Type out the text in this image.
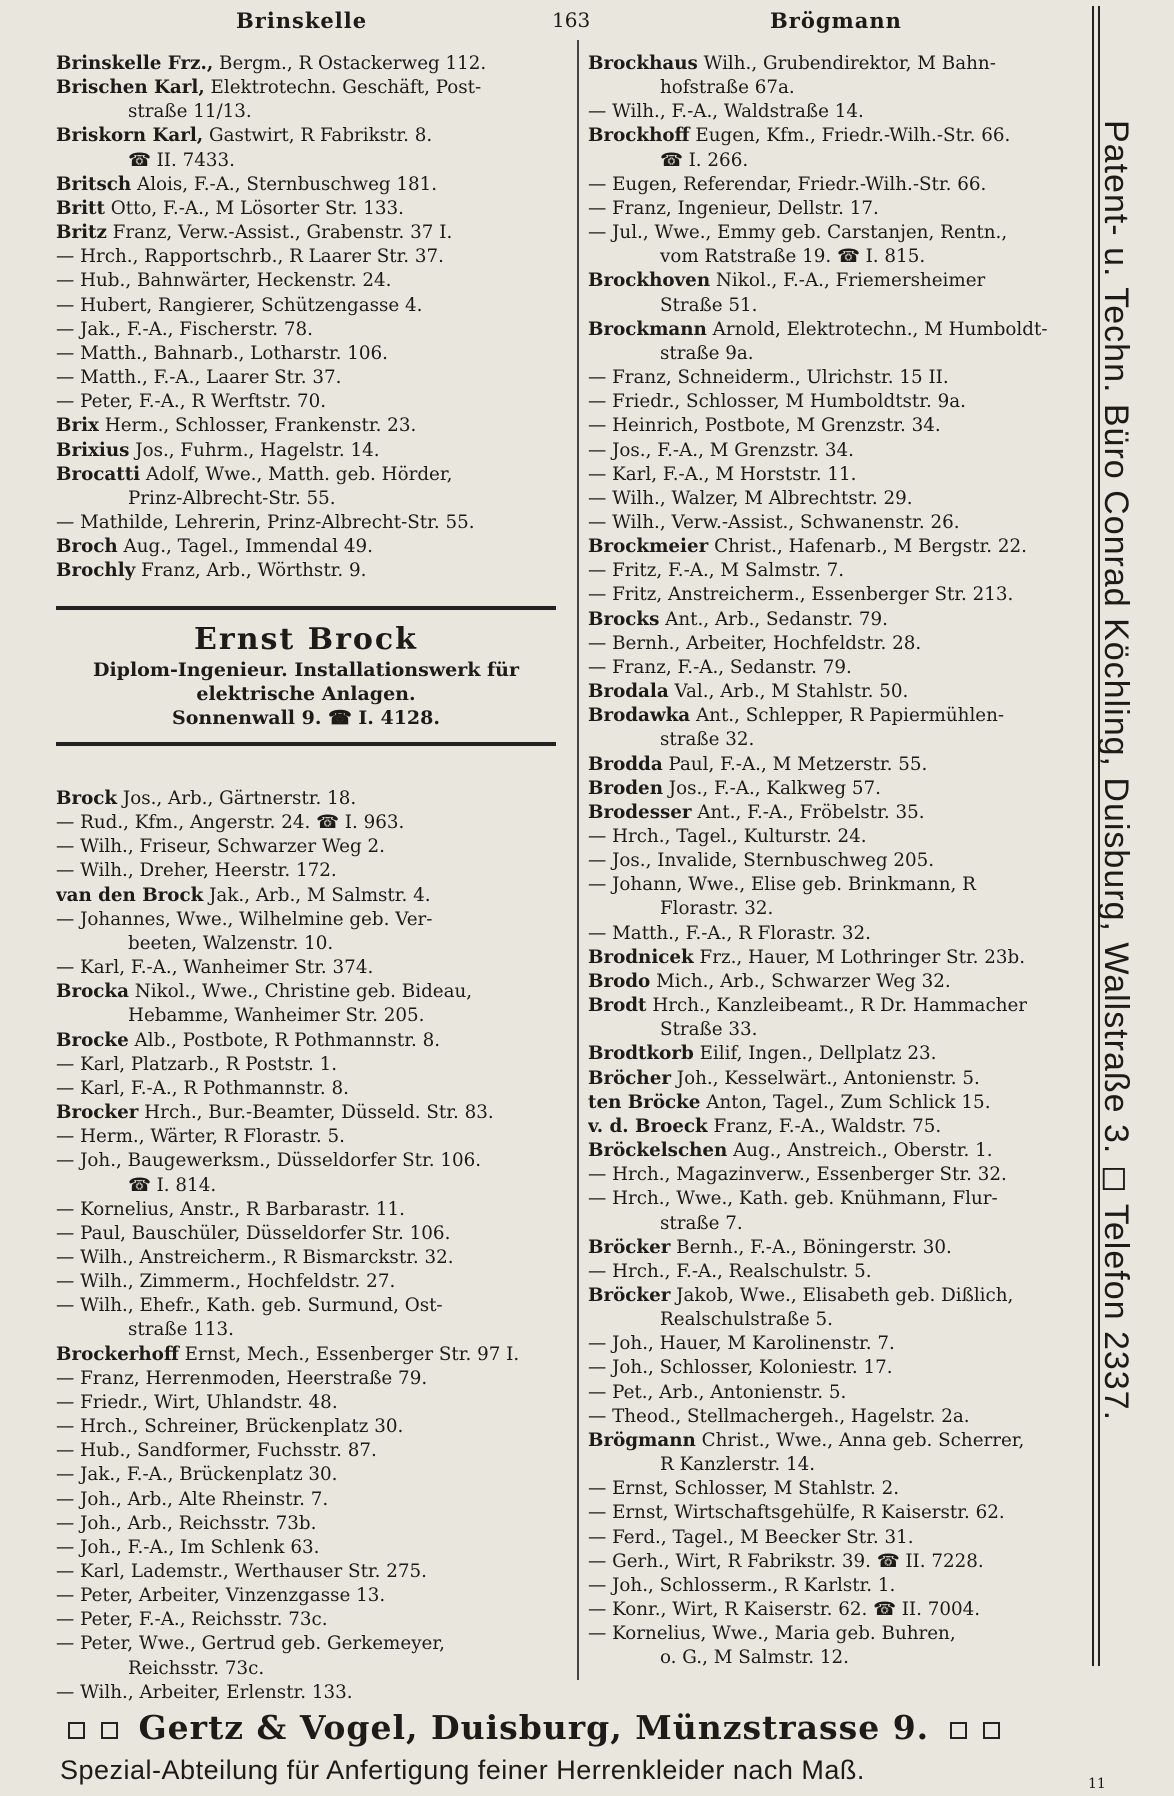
Brinskelle	163	Brögmann
Brinskelle Frz., Bergm., R Ostackerweg 112.
Brischen Karl, Elektrotechn. Geschäft, Post-
straße 11/13.
Briskorn Karl, Gastwirt, R Fabrikstr. 8.
☎ II. 7433.
Britsch Alois, F.-A., Sternbuschweg 181.
Britt Otto, F.-A., M Lösorter Str. 133.
Britz Franz, Verw.-Assist., Grabenstr. 37 I.
— Hrch., Rapportschrb., R Laarer Str. 37.
— Hub., Bahnwärter, Heckenstr. 24.
— Hubert, Rangierer, Schützengasse 4.
— Jak., F.-A., Fischerstr. 78.
— Matth., Bahnarb., Lotharstr. 106.
— Matth., F.-A., Laarer Str. 37.
— Peter, F.-A., R Werftstr. 70.
Brix Herm., Schlosser, Frankenstr. 23.
Brixius Jos., Fuhrm., Hagelstr. 14.
Brocatti Adolf, Wwe., Matth. geb. Hörder,
Prinz-Albrecht-Str. 55.
— Mathilde, Lehrerin, Prinz-Albrecht-Str. 55.
Broch Aug., Tagel., Immendal 49.
Brochly Franz, Arb., Wörthstr. 9.
Ernst Brock
Diplom-Ingenieur. Installationswerk für
elektrische Anlagen.
Sonnenwall 9. ☎ I. 4128.
Brock Jos., Arb., Gärtnerstr. 18.
— Rud., Kfm., Angerstr. 24. ☎ I. 963.
— Wilh., Friseur, Schwarzer Weg 2.
— Wilh., Dreher, Heerstr. 172.
van den Brock Jak., Arb., M Salmstr. 4.
— Johannes, Wwe., Wilhelmine geb. Ver-
beeten, Walzenstr. 10.
— Karl, F.-A., Wanheimer Str. 374.
Brocka Nikol., Wwe., Christine geb. Bideau,
Hebamme, Wanheimer Str. 205.
Brocke Alb., Postbote, R Pothmannstr. 8.
— Karl, Platzarb., R Poststr. 1.
— Karl, F.-A., R Pothmannstr. 8.
Brocker Hrch., Bur.-Beamter, Düsseld. Str. 83.
— Herm., Wärter, R Florastr. 5.
— Joh., Baugewerksm., Düsseldorfer Str. 106.
☎ I. 814.
— Kornelius, Anstr., R Barbarastr. 11.
— Paul, Bauschüler, Düsseldorfer Str. 106.
— Wilh., Anstreicherm., R Bismarckstr. 32.
— Wilh., Zimmerm., Hochfeldstr. 27.
— Wilh., Ehefr., Kath. geb. Surmund, Ost-
straße 113.
Brockerhoff Ernst, Mech., Essenberger Str. 97 I.
— Franz, Herrenmoden, Heerstraße 79.
— Friedr., Wirt, Uhlandstr. 48.
— Hrch., Schreiner, Brückenplatz 30.
— Hub., Sandformer, Fuchsstr. 87.
— Jak., F.-A., Brückenplatz 30.
— Joh., Arb., Alte Rheinstr. 7.
— Joh., Arb., Reichsstr. 73b.
— Joh., F.-A., Im Schlenk 63.
— Karl, Lademstr., Werthauser Str. 275.
— Peter, Arbeiter, Vinzenzgasse 13.
— Peter, F.-A., Reichsstr. 73c.
— Peter, Wwe., Gertrud geb. Gerkemeyer,
Reichsstr. 73c.
— Wilh., Arbeiter, Erlenstr. 133.
Brockhaus Wilh., Grubendirektor, M Bahn-
hofstraße 67a.
— Wilh., F.-A., Waldstraße 14.
Brockhoff Eugen, Kfm., Friedr.-Wilh.-Str. 66.
☎ I. 266.
— Eugen, Referendar, Friedr.-Wilh.-Str. 66.
— Franz, Ingenieur, Dellstr. 17.
— Jul., Wwe., Emmy geb. Carstanjen, Rentn.,
vom Ratstraße 19. ☎ I. 815.
Brockhoven Nikol., F.-A., Friemersheimer
Straße 51.
Brockmann Arnold, Elektrotechn., M Humboldt-
straße 9a.
— Franz, Schneiderm., Ulrichstr. 15 II.
— Friedr., Schlosser, M Humboldtstr. 9a.
— Heinrich, Postbote, M Grenzstr. 34.
— Jos., F.-A., M Grenzstr. 34.
— Karl, F.-A., M Horststr. 11.
— Wilh., Walzer, M Albrechtstr. 29.
— Wilh., Verw.-Assist., Schwanenstr. 26.
Brockmeier Christ., Hafenarb., M Bergstr. 22.
— Fritz, F.-A., M Salmstr. 7.
— Fritz, Anstreicherm., Essenberger Str. 213.
Brocks Ant., Arb., Sedanstr. 79.
— Bernh., Arbeiter, Hochfeldstr. 28.
— Franz, F.-A., Sedanstr. 79.
Brodala Val., Arb., M Stahlstr. 50.
Brodawka Ant., Schlepper, R Papiermühlen-
straße 32.
Brodda Paul, F.-A., M Metzerstr. 55.
Broden Jos., F.-A., Kalkweg 57.
Brodesser Ant., F.-A., Fröbelstr. 35.
— Hrch., Tagel., Kulturstr. 24.
— Jos., Invalide, Sternbuschweg 205.
— Johann, Wwe., Elise geb. Brinkmann, R
Florastr. 32.
— Matth., F.-A., R Florastr. 32.
Brodnicek Frz., Hauer, M Lothringer Str. 23b.
Brodo Mich., Arb., Schwarzer Weg 32.
Brodt Hrch., Kanzleibeamt., R Dr. Hammacher
Straße 33.
Brodtkorb Eilif, Ingen., Dellplatz 23.
Bröcher Joh., Kesselwärt., Antonienstr. 5.
ten Bröcke Anton, Tagel., Zum Schlick 15.
v. d. Broeck Franz, F.-A., Waldstr. 75.
Bröckelschen Aug., Anstreich., Oberstr. 1.
— Hrch., Magazinverw., Essenberger Str. 32.
— Hrch., Wwe., Kath. geb. Knühmann, Flur-
straße 7.
Bröcker Bernh., F.-A., Böningerstr. 30.
— Hrch., F.-A., Realschulstr. 5.
Bröcker Jakob, Wwe., Elisabeth geb. Dißlich,
Realschulstraße 5.
— Joh., Hauer, M Karolinenstr. 7.
— Joh., Schlosser, Koloniestr. 17.
— Pet., Arb., Antonienstr. 5.
— Theod., Stellmachergeh., Hagelstr. 2a.
Brögmann Christ., Wwe., Anna geb. Scherrer,
R Kanzlerstr. 14.
— Ernst, Schlosser, M Stahlstr. 2.
— Ernst, Wirtschaftsgehülfe, R Kaiserstr. 62.
— Ferd., Tagel., M Beecker Str. 31.
— Gerh., Wirt, R Fabrikstr. 39. ☎ II. 7228.
— Joh., Schlosserm., R Karlstr. 1.
— Konr., Wirt, R Kaiserstr. 62. ☎ II. 7004.
— Kornelius, Wwe., Maria geb. Buhren,
o. G., M Salmstr. 12.
Patent- u. Techn. Büro Conrad Köchling, Duisburg, Wallstraße 3. ◻ Telefon 2337.
Gertz & Vogel, Duisburg, Münzstrasse 9.
Spezial-Abteilung für Anfertigung feiner Herrenkleider nach Maß.	11
